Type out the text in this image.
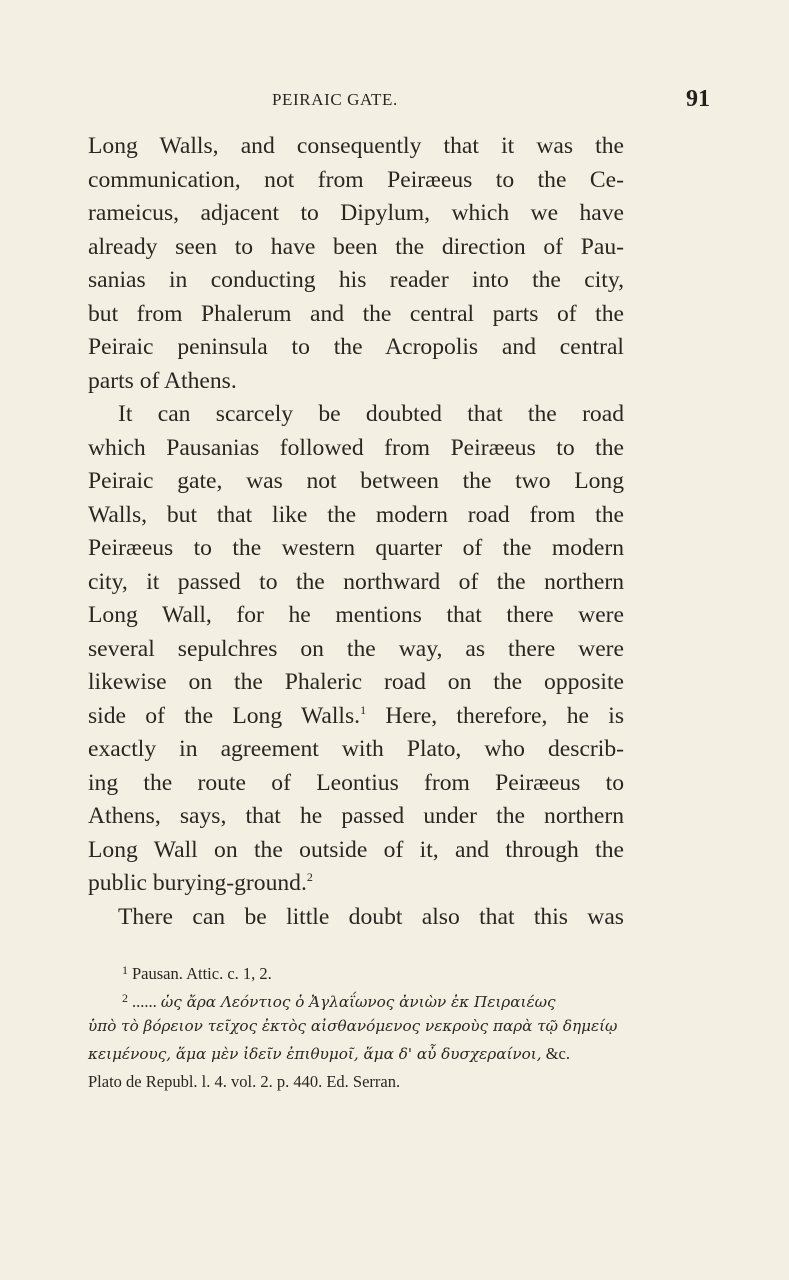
PEIRAIC GATE.	91
Long Walls, and consequently that it was the
communication, not from Peiræeus to the Ce-
rameicus, adjacent to Dipylum, which we have
already seen to have been the direction of Pau-
sanias in conducting his reader into the city,
but from Phalerum and the central parts of the
Peiraic peninsula to the Acropolis and central
parts of Athens.
It can scarcely be doubted that the road
which Pausanias followed from Peiræeus to the
Peiraic gate, was not between the two Long
Walls, but that like the modern road from the
Peiræeus to the western quarter of the modern
city, it passed to the northward of the northern
Long Wall, for he mentions that there were
several sepulchres on the way, as there were
likewise on the Phaleric road on the opposite
side of the Long Walls.$^1$ Here, therefore, he is
exactly in agreement with Plato, who describ-
ing the route of Leontius from Peiræeus to
Athens, says, that he passed under the northern
Long Wall on the outside of it, and through the
public burying-ground.$^2$
There can be little doubt also that this was
$^1$ Pausan. Attic. c. 1, 2.
$^2$ ...... ὡς ἄρα Λεόντιος ὁ Ἀγλαΐωνος ἀνιὼν ἐκ Πειραιέως
ὑπὸ τὸ βόρειον τεῖχος ἐκτὸς αἰσθανόμενος νεκροὺς παρὰ τῷ δημείῳ
κειμένους, ἅμα μὲν ἰδεῖν ἐπιθυμοῖ, ἅμα δ' αὖ δυσχεραίνοι, &c.
Plato de Republ. l. 4. vol. 2. p. 440. Ed. Serran.
